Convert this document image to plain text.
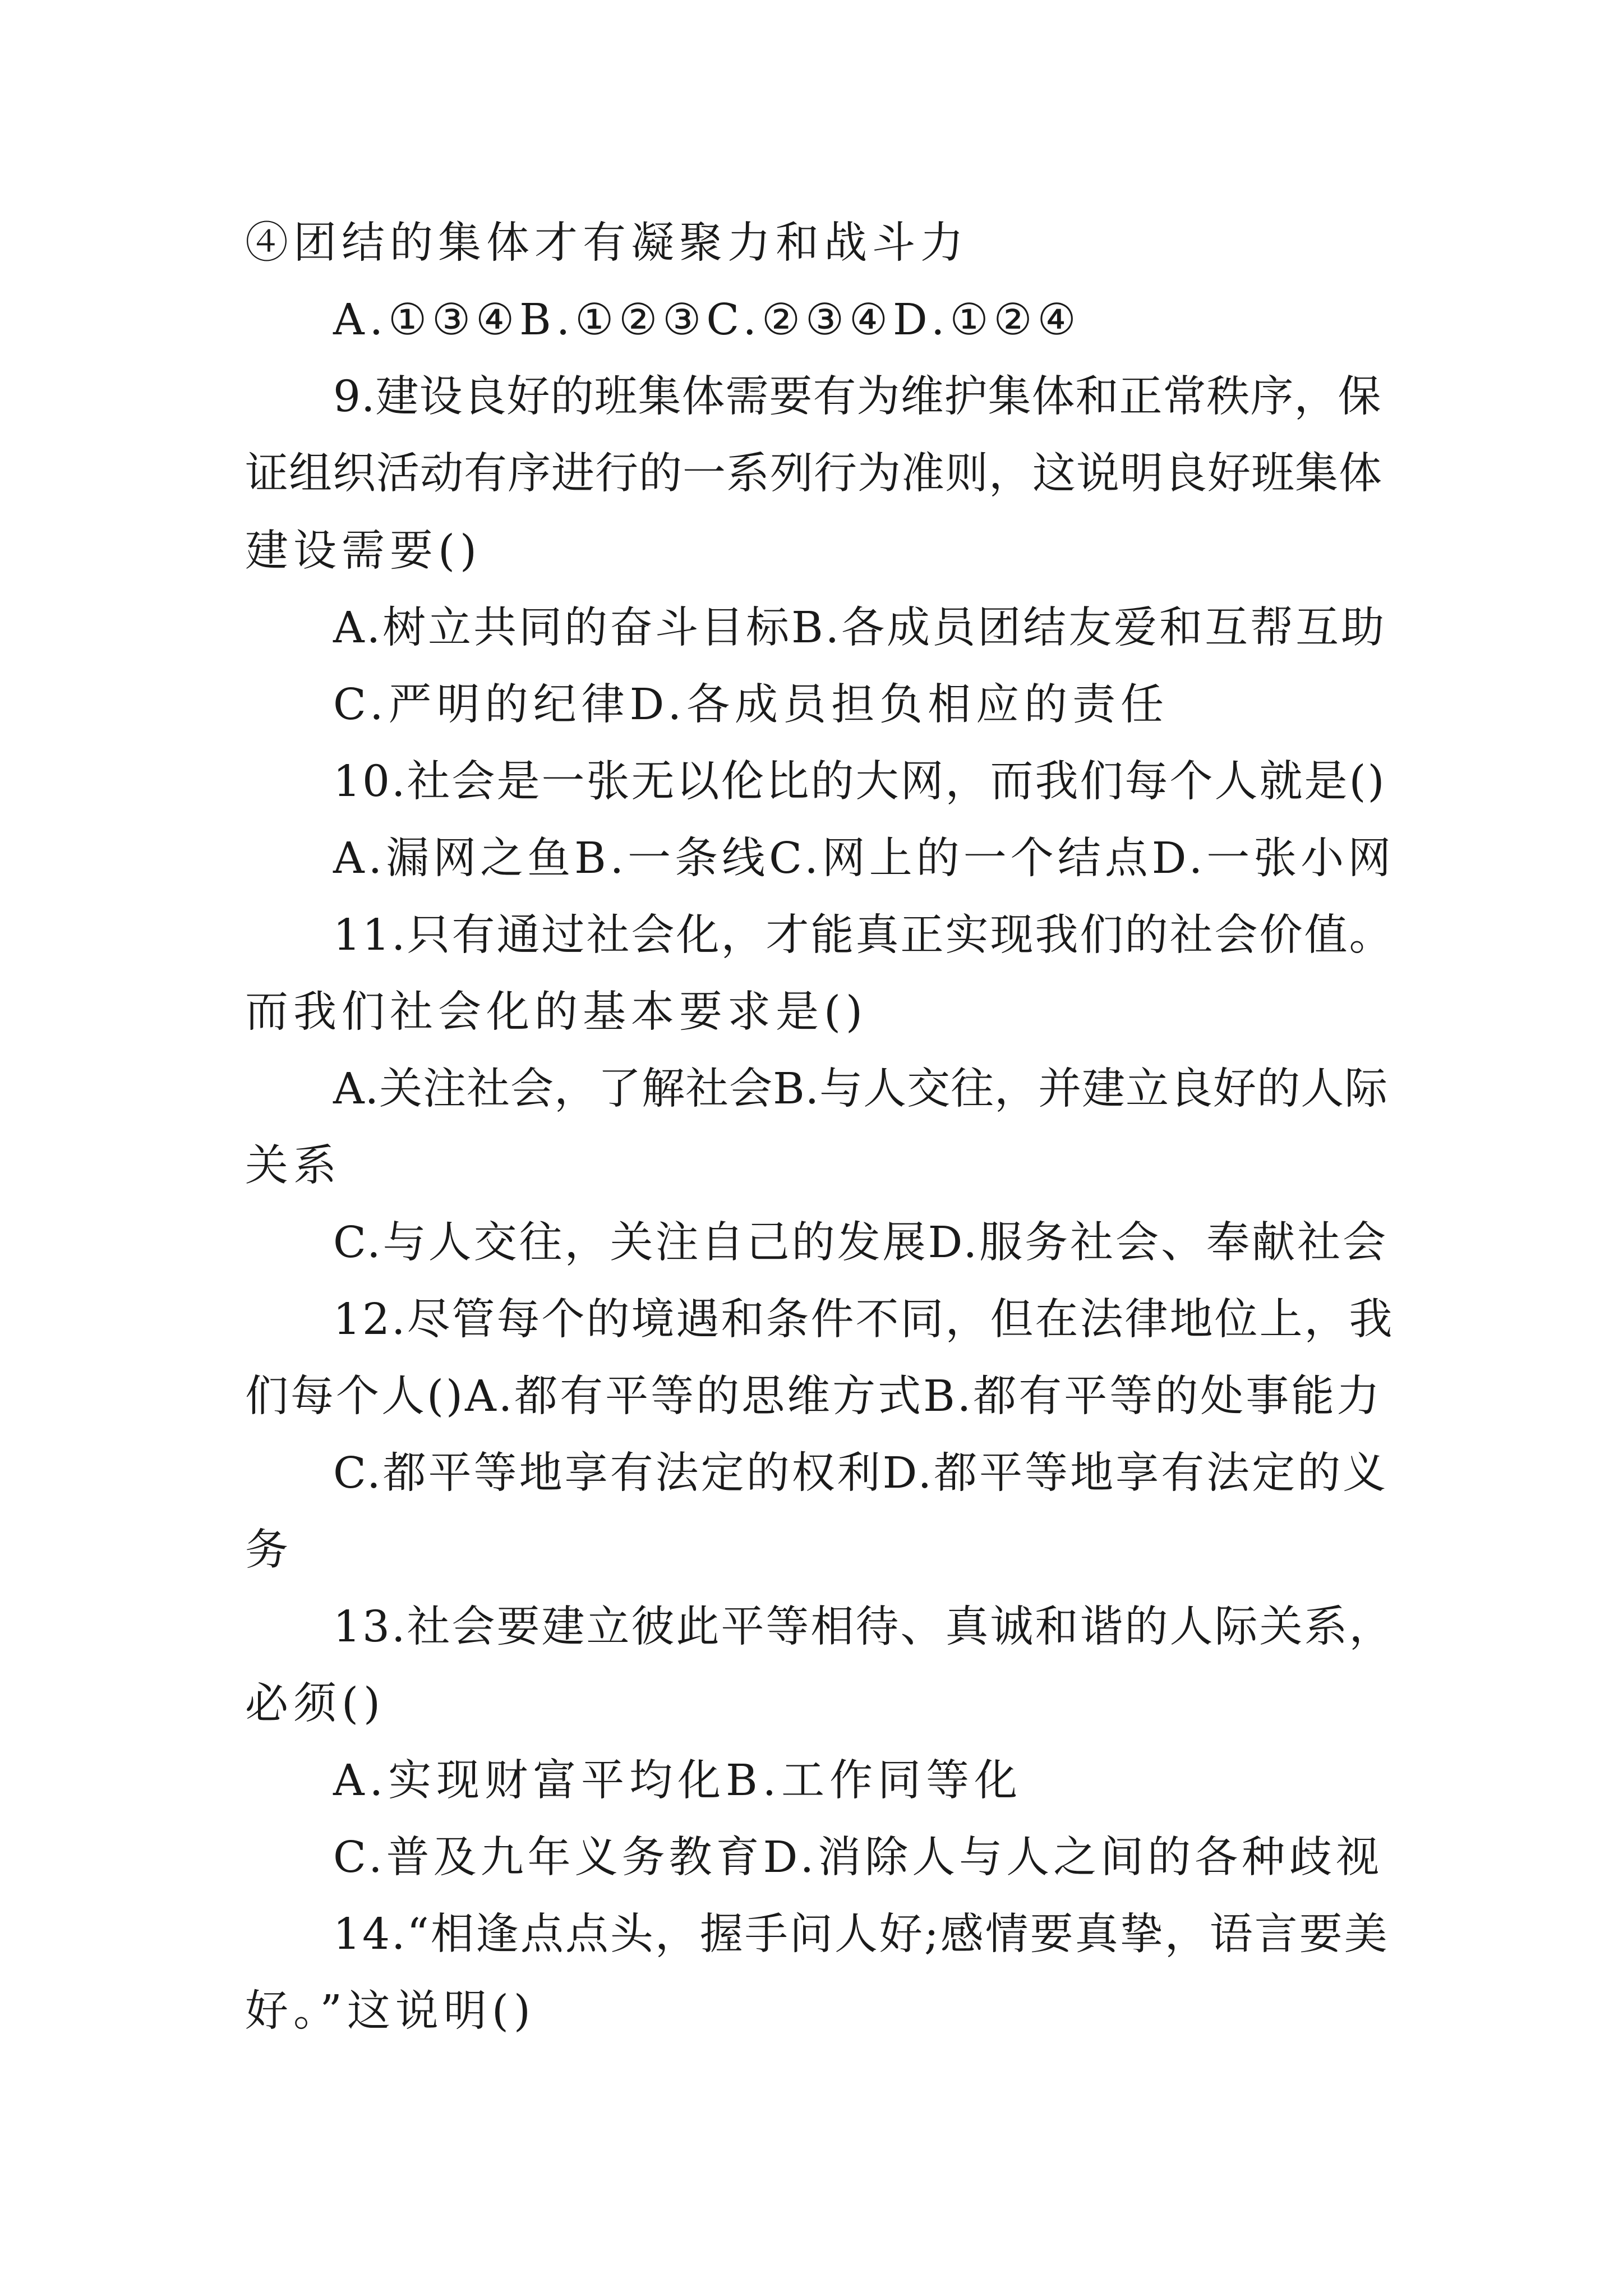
④团结的集体才有凝聚力和战斗力
A.①③④B.①②③C.②③④D.①②④
9.建设良好的班集体需要有为维护集体和正常秩序，保
证组织活动有序进行的一系列行为准则，这说明良好班集体
建设需要()
A.树立共同的奋斗目标B.各成员团结友爱和互帮互助
C.严明的纪律D.各成员担负相应的责任
10.社会是一张无以伦比的大网，而我们每个人就是()
A.漏网之鱼B.一条线C.网上的一个结点D.一张小网
11.只有通过社会化，才能真正实现我们的社会价值。
而我们社会化的基本要求是()
A.关注社会，了解社会B.与人交往，并建立良好的人际
关系
C.与人交往，关注自己的发展D.服务社会、奉献社会
12.尽管每个的境遇和条件不同，但在法律地位上，我
们每个人()A.都有平等的思维方式B.都有平等的处事能力
C.都平等地享有法定的权利D.都平等地享有法定的义
务
13.社会要建立彼此平等相待、真诚和谐的人际关系，
必须()
A.实现财富平均化B.工作同等化
C.普及九年义务教育D.消除人与人之间的各种歧视
14.“相逢点点头，握手问人好;感情要真挚，语言要美
好。”这说明()
